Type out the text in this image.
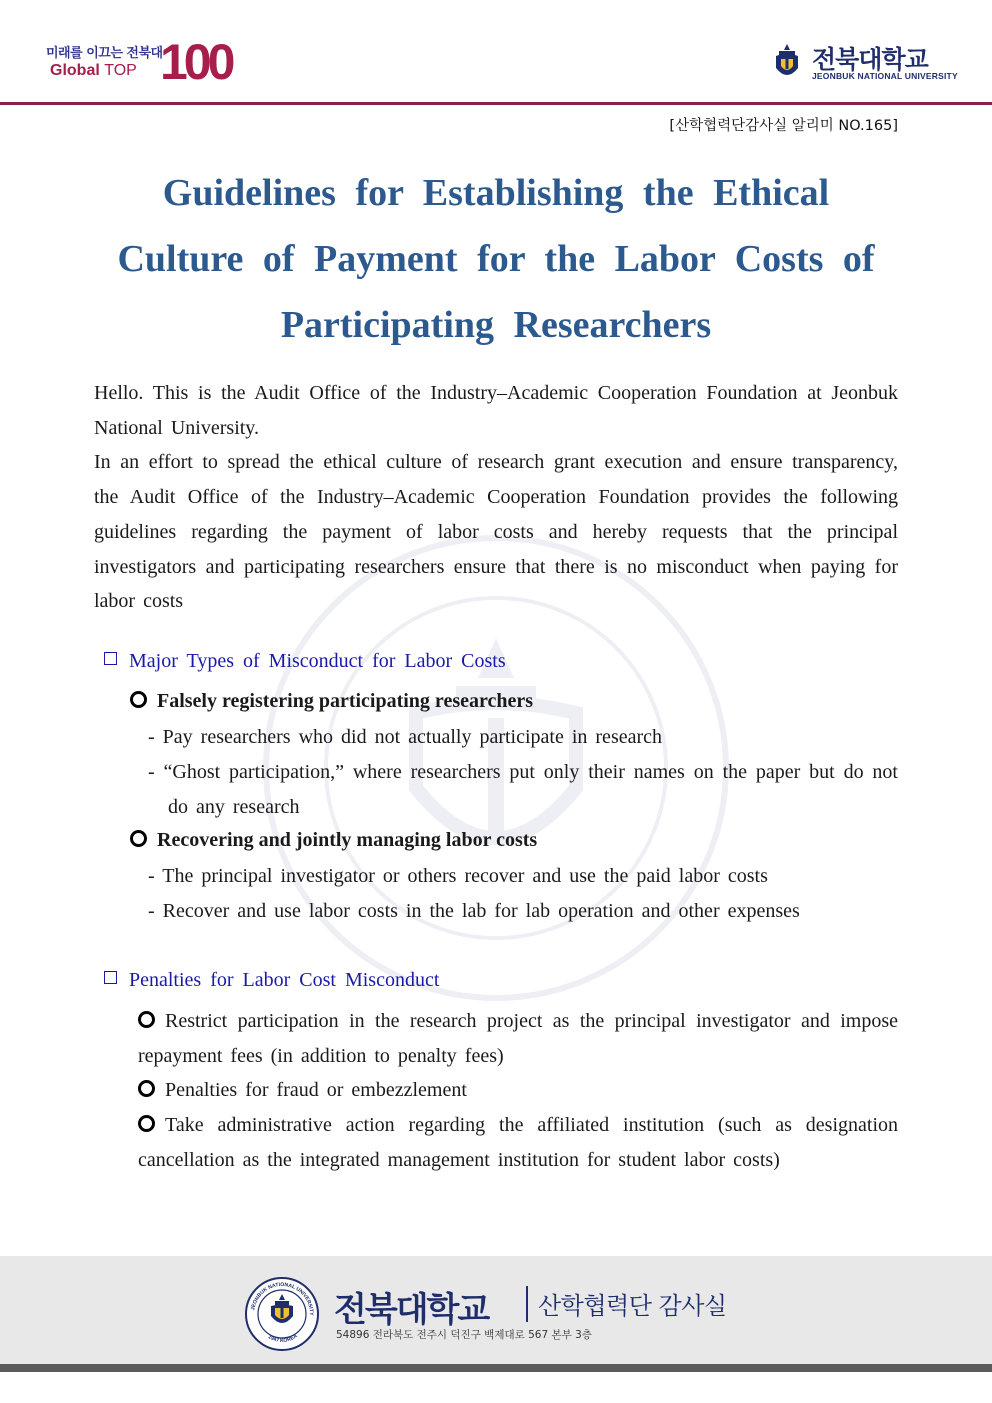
미래를 이끄는 전북대
Global TOP 100	전북대학교
JEONBUK NATIONAL UNIVERSITY
[산학협력단감사실 알리미 NO.165]
Guidelines for Establishing the Ethical
Culture of Payment for the Labor Costs of
Participating Researchers

Hello. This is the Audit Office of the Industry–Academic Cooperation Foundation at Jeonbuk National University.

In an effort to spread the ethical culture of research grant execution and ensure transparency, the Audit Office of the Industry–Academic Cooperation Foundation provides the following guidelines regarding the payment of labor costs and hereby requests that the principal investigators and participating researchers ensure that there is no misconduct when paying for labor costs

Major Types of Misconduct for Labor Costs
Falsely registering participating researchers
- Pay researchers who did not actually participate in research
- “Ghost participation,” where researchers put only their names on the paper but do not do any research
Recovering and jointly managing labor costs
- The principal investigator or others recover and use the paid labor costs
- Recover and use labor costs in the lab for lab operation and other expenses
Penalties for Labor Cost Misconduct
Restrict participation in the research project as the principal investigator and impose repayment fees (in addition to penalty fees)
Penalties for fraud or embezzlement
Take administrative action regarding the affiliated institution (such as designation cancellation as the integrated management institution for student labor costs)
JEONBUK NATIONAL UNIVERSITY
1947 KOREA
전북대학교 산학협력단 감사실
54896 전라북도 전주시 덕진구 백제대로 567 본부 3층
